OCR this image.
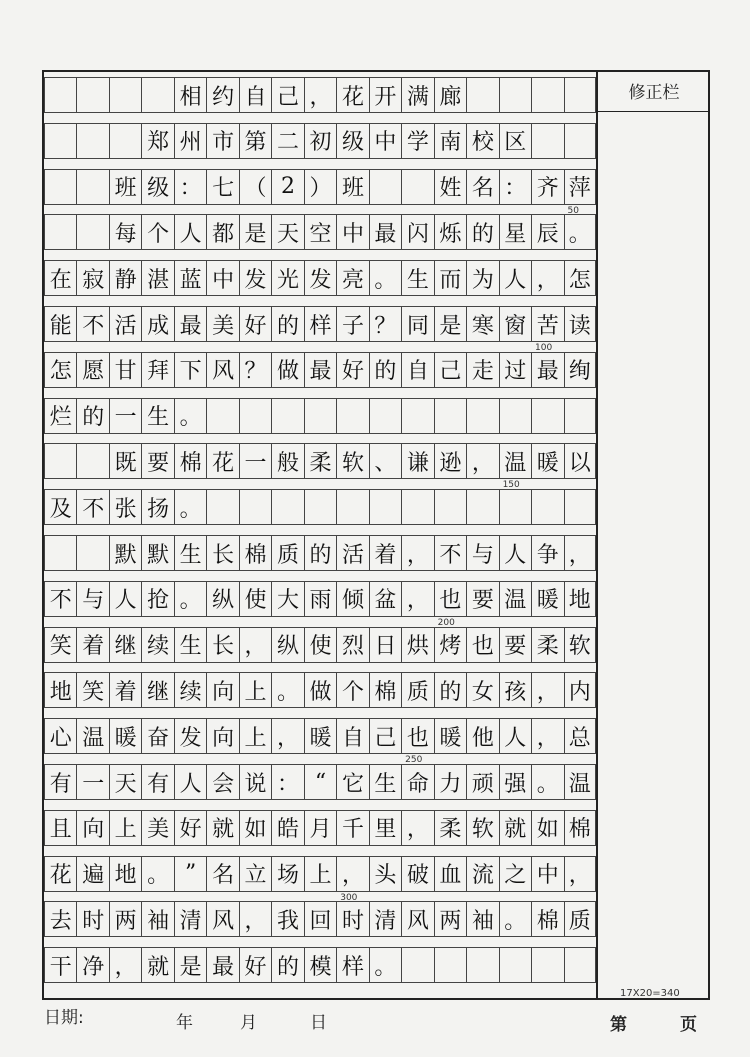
相 约 自 己 ， 花 开 满 廊
郑 州 市 第 二 初 级 中 学 南 校 区
班 级 ： 七 （ 2 ） 班	姓 名 ： 齐 萍
每 个 人 都 是 天 空 中 最 闪 烁 的 星 辰 。
在 寂 静 湛 蓝 中 发 光 发 亮 。 生 而 为 人 ， 怎
能 不 活 成 最 美 好 的 样 子 ？ 同 是 寒 窗 苦 读
怎 愿 甘 拜 下 风 ？ 做 最 好 的 自 己 走 过 最 绚
烂 的 一 生 。
既 要 棉 花 一 般 柔 软 、 谦 逊 ， 温 暖 以
及 不 张 扬 。
默 默 生 长 棉 质 的 活 着 ， 不 与 人 争 ，
不 与 人 抢 。 纵 使 大 雨 倾 盆 ， 也 要 温 暖 地
笑 着 继 续 生 长 ， 纵 使 烈 日 烘 烤 也 要 柔 软
地 笑 着 继 续 向 上 。 做 个 棉 质 的 女 孩 ， 内
心 温 暖 奋 发 向 上 ， 暖 自 己 也 暖 他 人 ， 总
有 一 天 有 人 会 说 ： “ 它 生 命 力 顽 强 。 温
且 向 上 美 好 就 如 皓 月 千 里 ， 柔 软 就 如 棉
花 遍 地 。 ” 名 立 场 上 ， 头 破 血 流 之 中 ，
去 时 两 袖 清 风 ， 我 回 时 清 风 两 袖 。 棉 质
干 净 ， 就 是 最 好 的 模 样 。
50
100
150
200
250
300
修正栏
17X20=340
日期:	年	月	日	第	页
